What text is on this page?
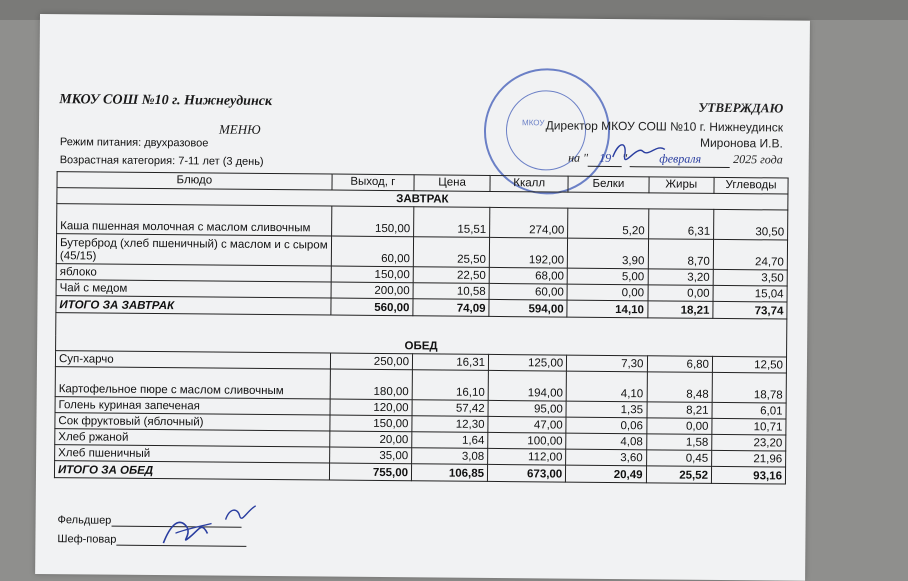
МКОУ СОШ №10 г. Нижнеудинск
МЕНЮ
Режим питания: двухразовое
Возрастная категория: 7-11 лет (3 день)
МКОУ
УТВЕРЖДАЮ
Директор МКОУ СОШ №10 г. Нижнеудинск
Миронова И.В.
на " 19 "	февраля	2025 года
Блюдо	Выход, г	Цена	Ккалл	Белки	Жиры	Углеводы
ЗАВТРАК						
Каша пшенная молочная с маслом сливочным	150,00	15,51	274,00	5,20	6,31	30,50
Бутерброд (хлеб пшеничный) с маслом и с сыром (45/15)	60,00	25,50	192,00	3,90	8,70	24,70
яблоко	150,00	22,50	68,00	5,00	3,20	3,50
Чай с медом	200,00	10,58	60,00	0,00	0,00	15,04
ИТОГО ЗА ЗАВТРАК	560,00	74,09	594,00	14,10	18,21	73,74

ОБЕД						
Суп-харчо	250,00	16,31	125,00	7,30	6,80	12,50
Картофельное пюре с маслом сливочным	180,00	16,10	194,00	4,10	8,48	18,78
Голень куриная запеченая	120,00	57,42	95,00	1,35	8,21	6,01
Сок фруктовый (яблочный)	150,00	12,30	47,00	0,06	0,00	10,71
Хлеб ржаной	20,00	1,64	100,00	4,08	1,58	23,20
Хлеб пшеничный	35,00	3,08	112,00	3,60	0,45	21,96
ИТОГО ЗА ОБЕД	755,00	106,85	673,00	20,49	25,52	93,16
Фельдшер
Шеф-повар
